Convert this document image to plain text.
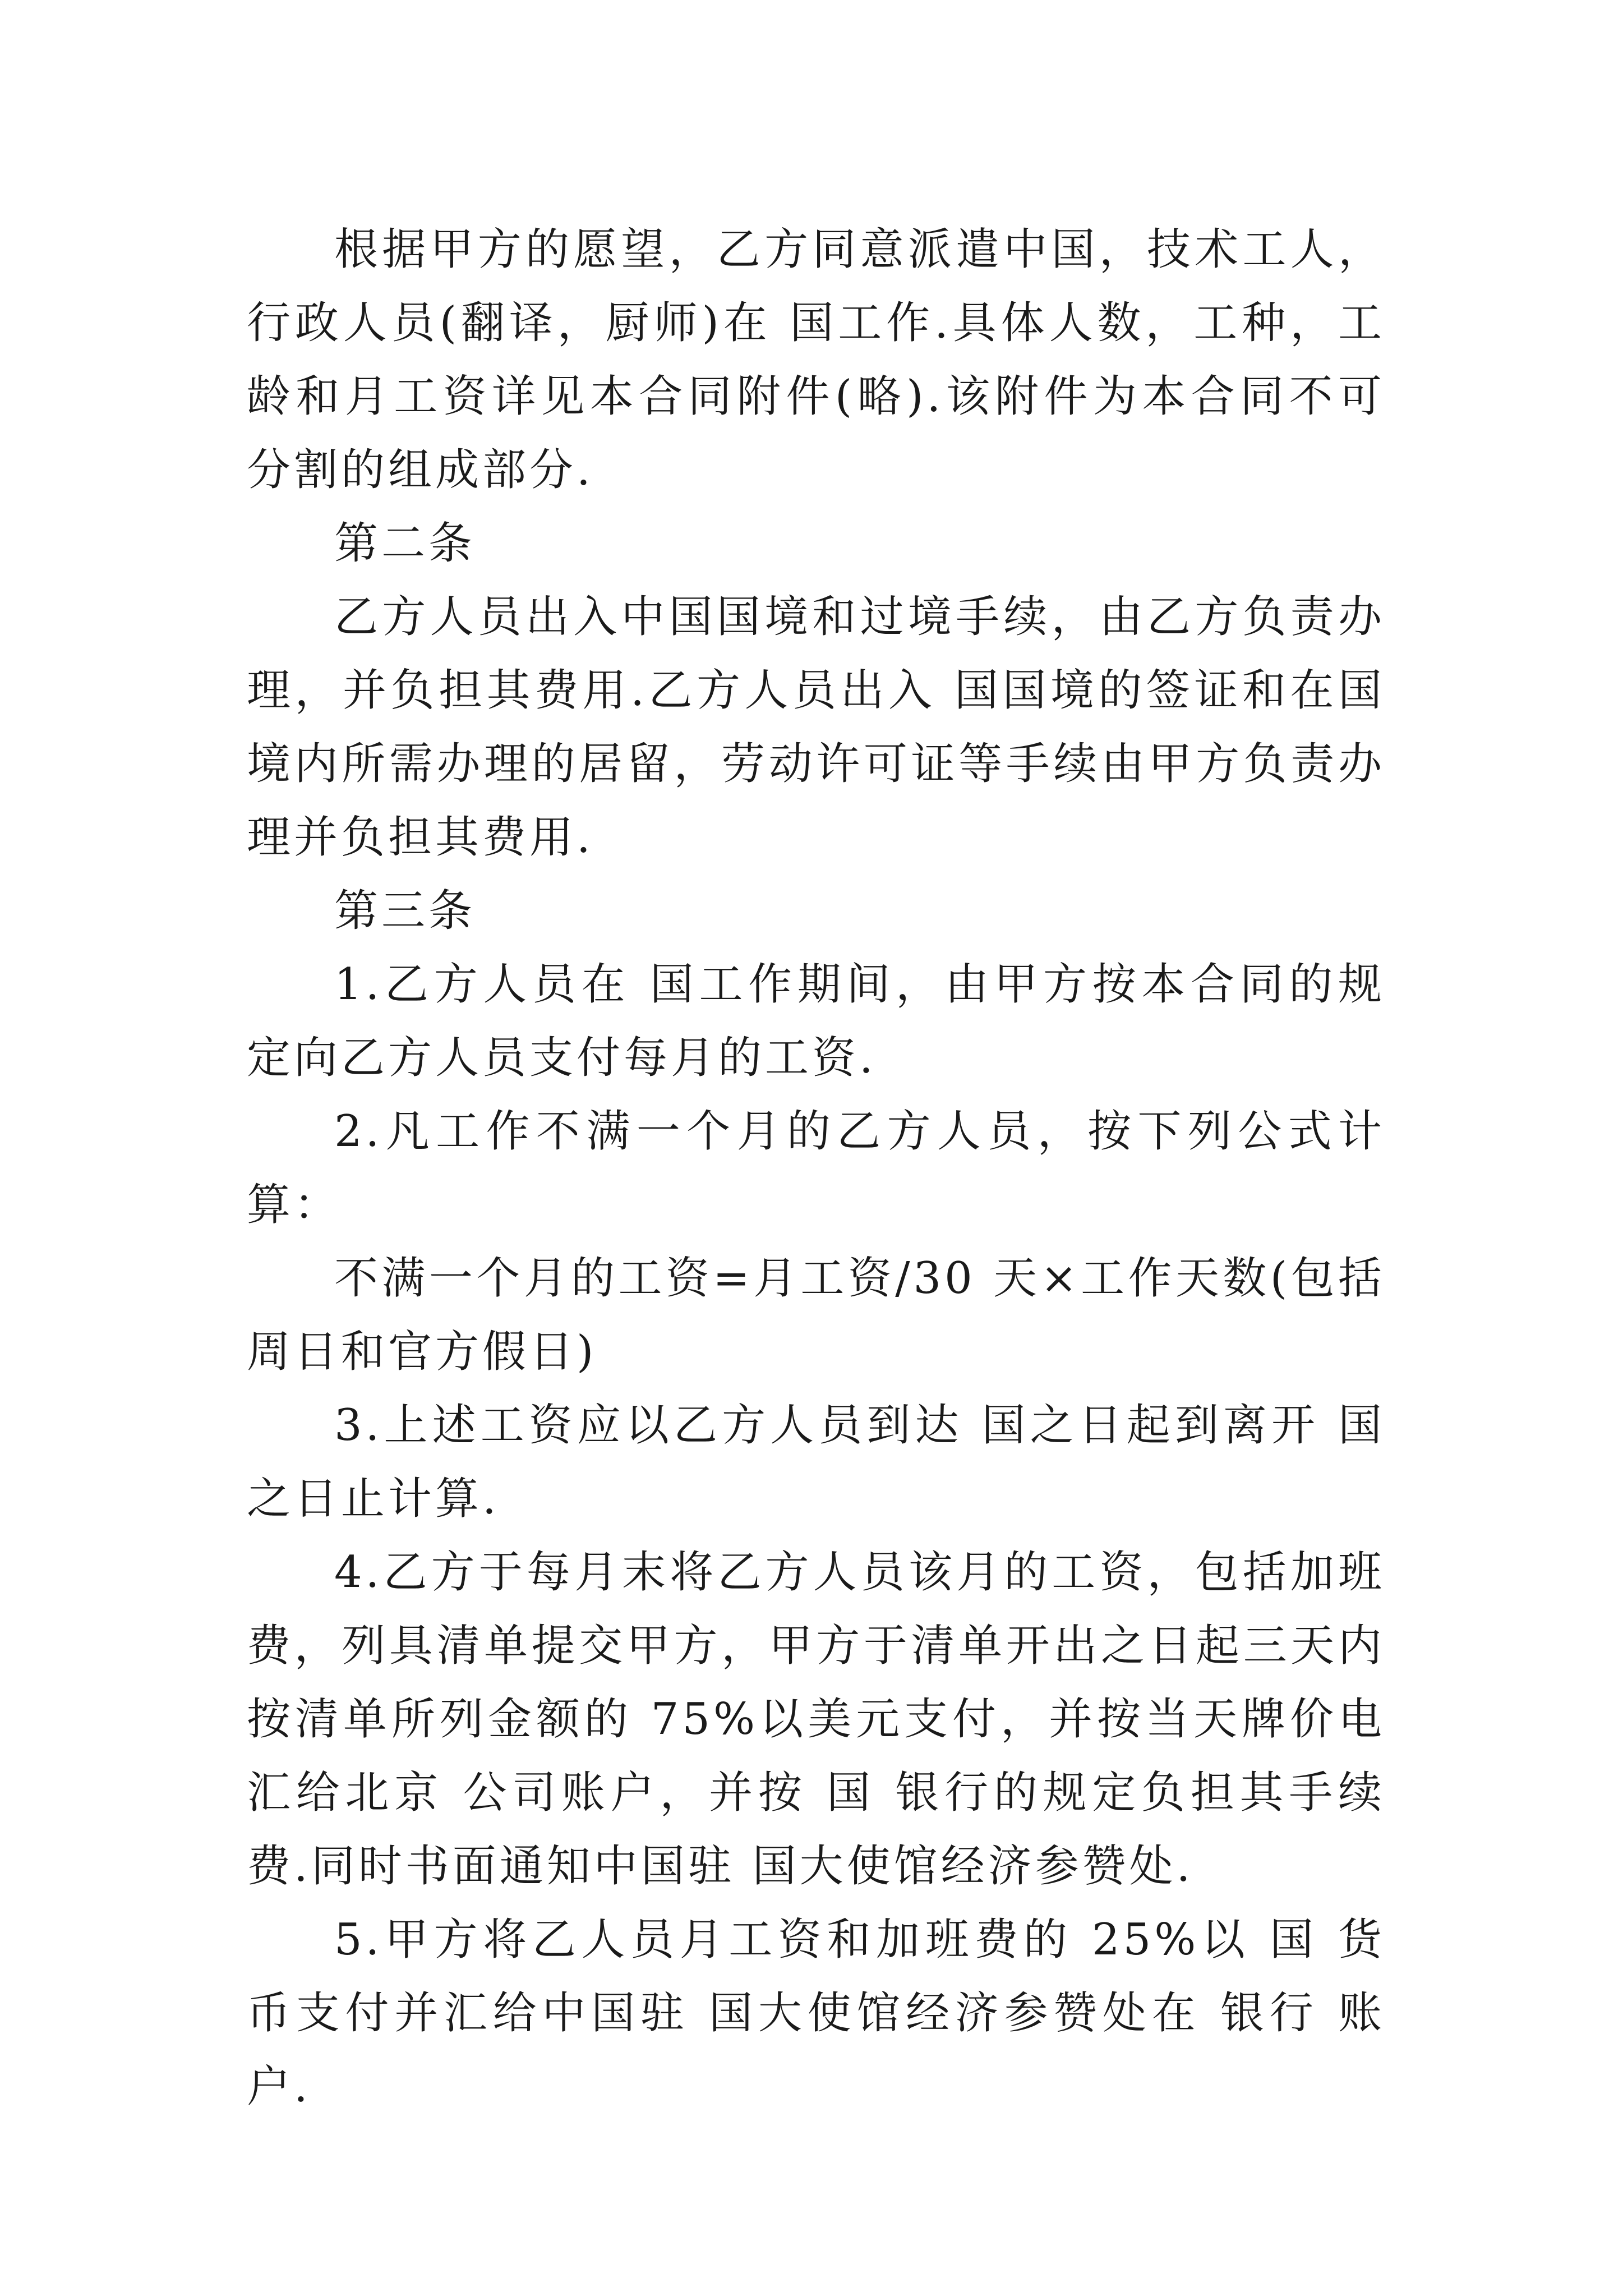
根据甲方的愿望，乙方同意派遣中国，技术工人，行政人员(翻译，厨师)在 国工作.具体人数，工种，工龄和月工资详见本合同附件(略).该附件为本合同不可分割的组成部分.

第二条

乙方人员出入中国国境和过境手续，由乙方负责办理，并负担其费用.乙方人员出入 国国境的签证和在国境内所需办理的居留，劳动许可证等手续由甲方负责办理并负担其费用.

第三条

1.乙方人员在 国工作期间，由甲方按本合同的规定向乙方人员支付每月的工资.

2.凡工作不满一个月的乙方人员，按下列公式计算：

不满一个月的工资=月工资/30 天×工作天数(包括周日和官方假日)

3.上述工资应以乙方人员到达 国之日起到离开 国之日止计算.

4.乙方于每月末将乙方人员该月的工资，包括加班费，列具清单提交甲方，甲方于清单开出之日起三天内按清单所列金额的 75%以美元支付，并按当天牌价电汇给北京 公司账户，并按 国 银行的规定负担其手续费.同时书面通知中国驻 国大使馆经济参赞处.

5.甲方将乙人员月工资和加班费的 25%以 国 货币支付并汇给中国驻 国大使馆经济参赞处在 银行 账户.
